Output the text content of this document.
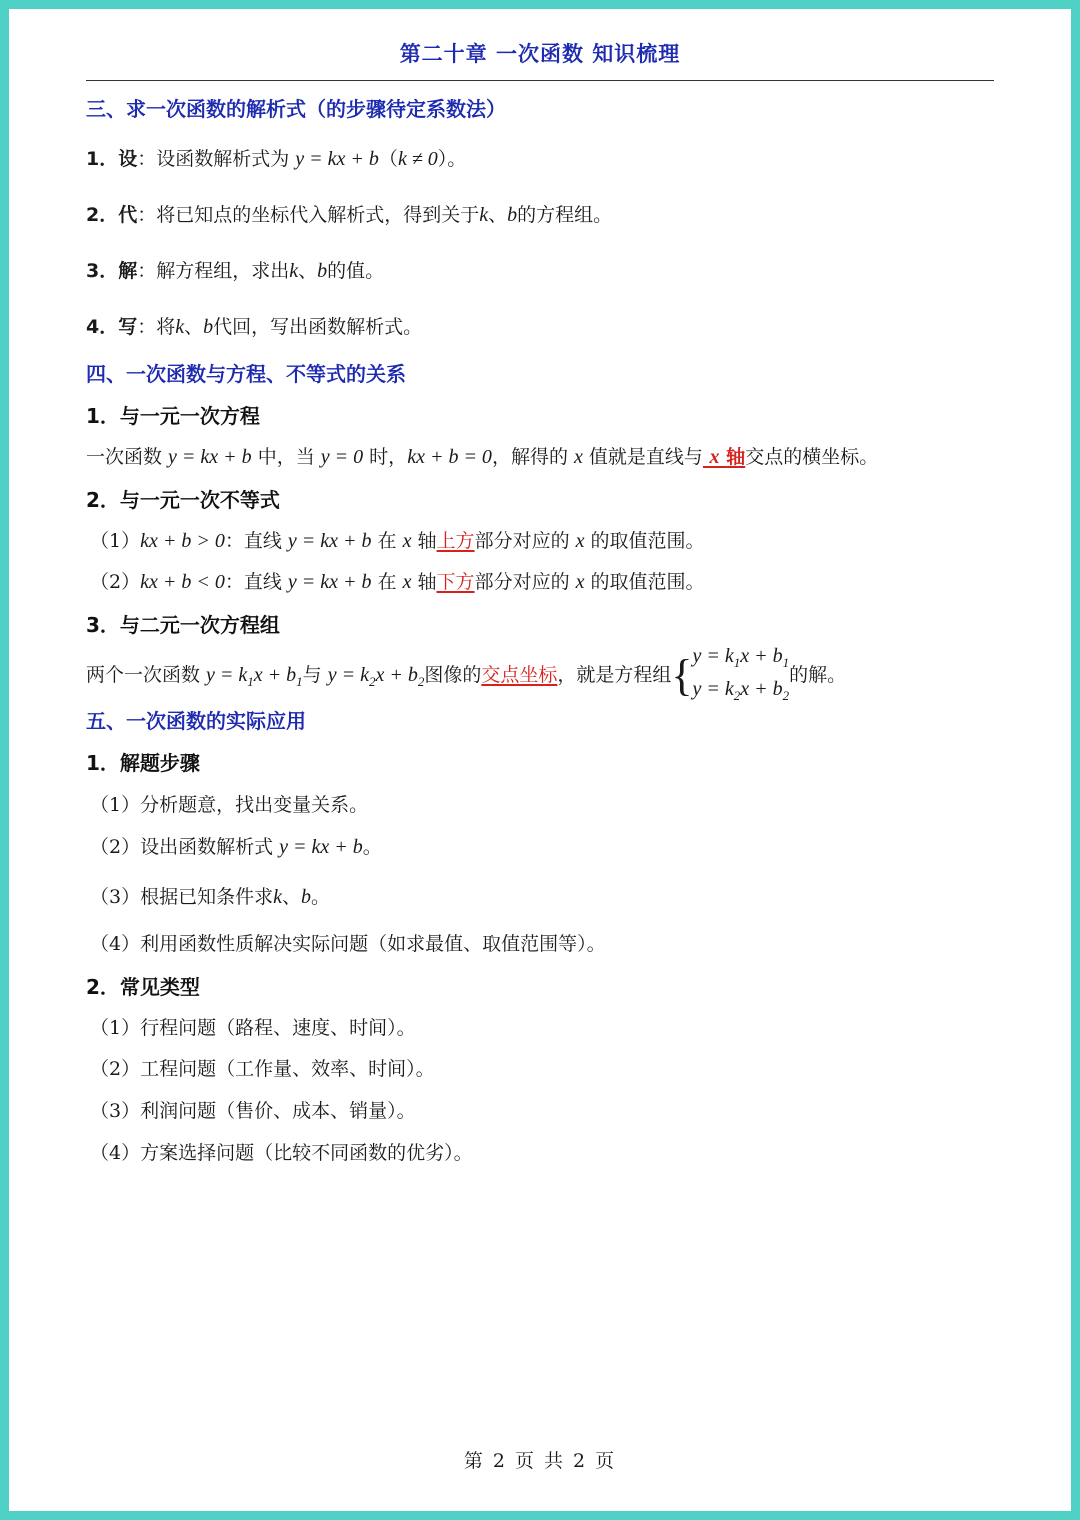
第二十章 一次函数 知识梳理
三、求一次函数的解析式（的步骤待定系数法）
1．设：设函数解析式为 y = kx + b（k ≠ 0）。
2．代：将已知点的坐标代入解析式，得到关于k、b的方程组。
3．解：解方程组，求出k、b的值。
4．写：将k、b代回，写出函数解析式。
四、一次函数与方程、不等式的关系
1．与一元一次方程
一次函数 y = kx + b 中，当 y = 0 时，kx + b = 0，解得的 x 值就是直线与 x 轴交点的横坐标。
2．与一元一次不等式
（1）kx + b > 0：直线 y = kx + b 在 x 轴上方部分对应的 x 的取值范围。
（2）kx + b < 0：直线 y = kx + b 在 x 轴下方部分对应的 x 的取值范围。
3．与二元一次方程组
两个一次函数 $y = k_1x + b_1$与 $y = k_2x + b_2$图像的交点坐标，就是方程组{ $y = k_1x + b_1$
$y = k_2x + b_2$
的解。
五、一次函数的实际应用
1．解题步骤
（1）分析题意，找出变量关系。
（2）设出函数解析式 y = kx + b。
（3）根据已知条件求k、b。
（4）利用函数性质解决实际问题（如求最值、取值范围等）。
2．常见类型
（1）行程问题（路程、速度、时间）。
（2）工程问题（工作量、效率、时间）。
（3）利润问题（售价、成本、销量）。
（4）方案选择问题（比较不同函数的优劣）。
第 2 页 共 2 页
